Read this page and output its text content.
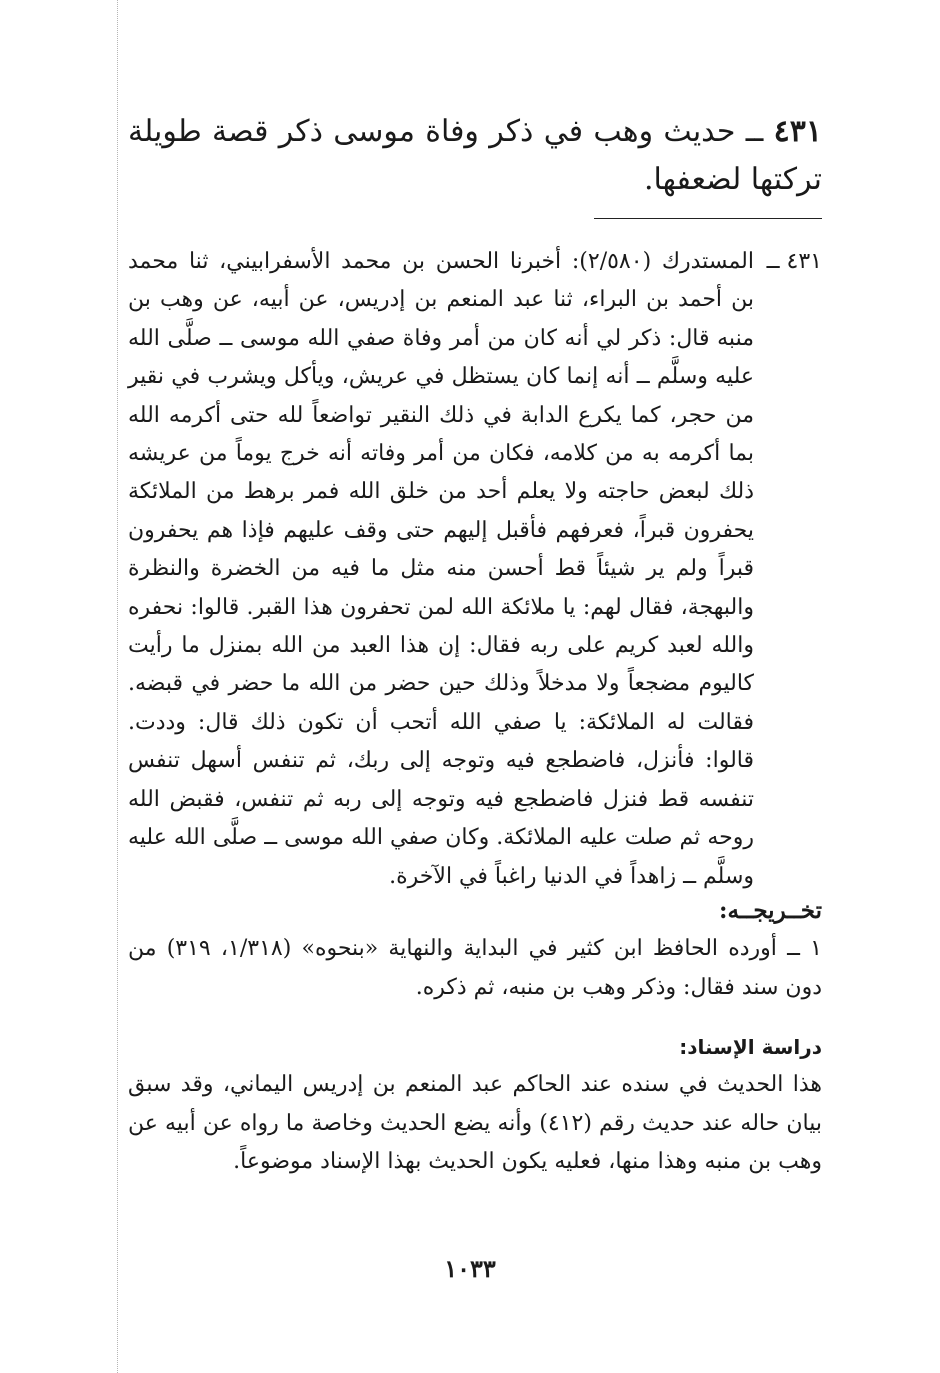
٤٣١ ــ حديث وهب في ذكر وفاة موسى ذكر قصة طويلة تركتها لضعفها.
٤٣١ ــ

المستدرك (٢/٥٨٠): أخبرنا الحسن بن محمد الأسفرابيني، ثنا محمد بن أحمد بن البراء، ثنا عبد المنعم بن إدريس، عن أبيه، عن وهب بن منبه قال: ذكر لي أنه كان من أمر وفاة صفي الله موسى ــ صلَّى الله عليه وسلَّم ــ أنه إنما كان يستظل في عريش، ويأكل ويشرب في نقير من حجر، كما يكرع الدابة في ذلك النقير تواضعاً لله حتى أكرمه الله بما أكرمه به من كلامه، فكان من أمر وفاته أنه خرج يوماً من عريشه ذلك لبعض حاجته ولا يعلم أحد من خلق الله فمر برهط من الملائكة يحفرون قبراً، فعرفهم فأقبل إليهم حتى وقف عليهم فإذا هم يحفرون قبراً ولم ير شيئاً قط أحسن منه مثل ما فيه من الخضرة والنظرة والبهجة، فقال لهم: يا ملائكة الله لمن تحفرون هذا القبر. قالوا: نحفره والله لعبد كريم على ربه فقال: إن هذا العبد من الله بمنزل ما رأيت كاليوم مضجعاً ولا مدخلاً وذلك حين حضر من الله ما حضر في قبضه. فقالت له الملائكة: يا صفي الله أتحب أن تكون ذلك قال: وددت. قالوا: فأنزل، فاضطجع فيه وتوجه إلى ربك، ثم تنفس أسهل تنفس تنفسه قط فنزل فاضطجع فيه وتوجه إلى ربه ثم تنفس، فقبض الله روحه ثم صلت عليه الملائكة. وكان صفي الله موسى ــ صلَّى الله عليه وسلَّم ــ زاهداً في الدنيا راغباً في الآخرة.

تخــريجــه:

١ ــ أورده الحافظ ابن كثير في البداية والنهاية «بنحوه» (١/٣١٨، ٣١٩) من دون سند فقال: وذكر وهب بن منبه، ثم ذكره.

دراسة الإسناد:

هذا الحديث في سنده عند الحاكم عبد المنعم بن إدريس اليماني، وقد سبق بيان حاله عند حديث رقم (٤١٢) وأنه يضع الحديث وخاصة ما رواه عن أبيه عن وهب بن منبه وهذا منها، فعليه يكون الحديث بهذا الإسناد موضوعاً.

١٠٣٣
